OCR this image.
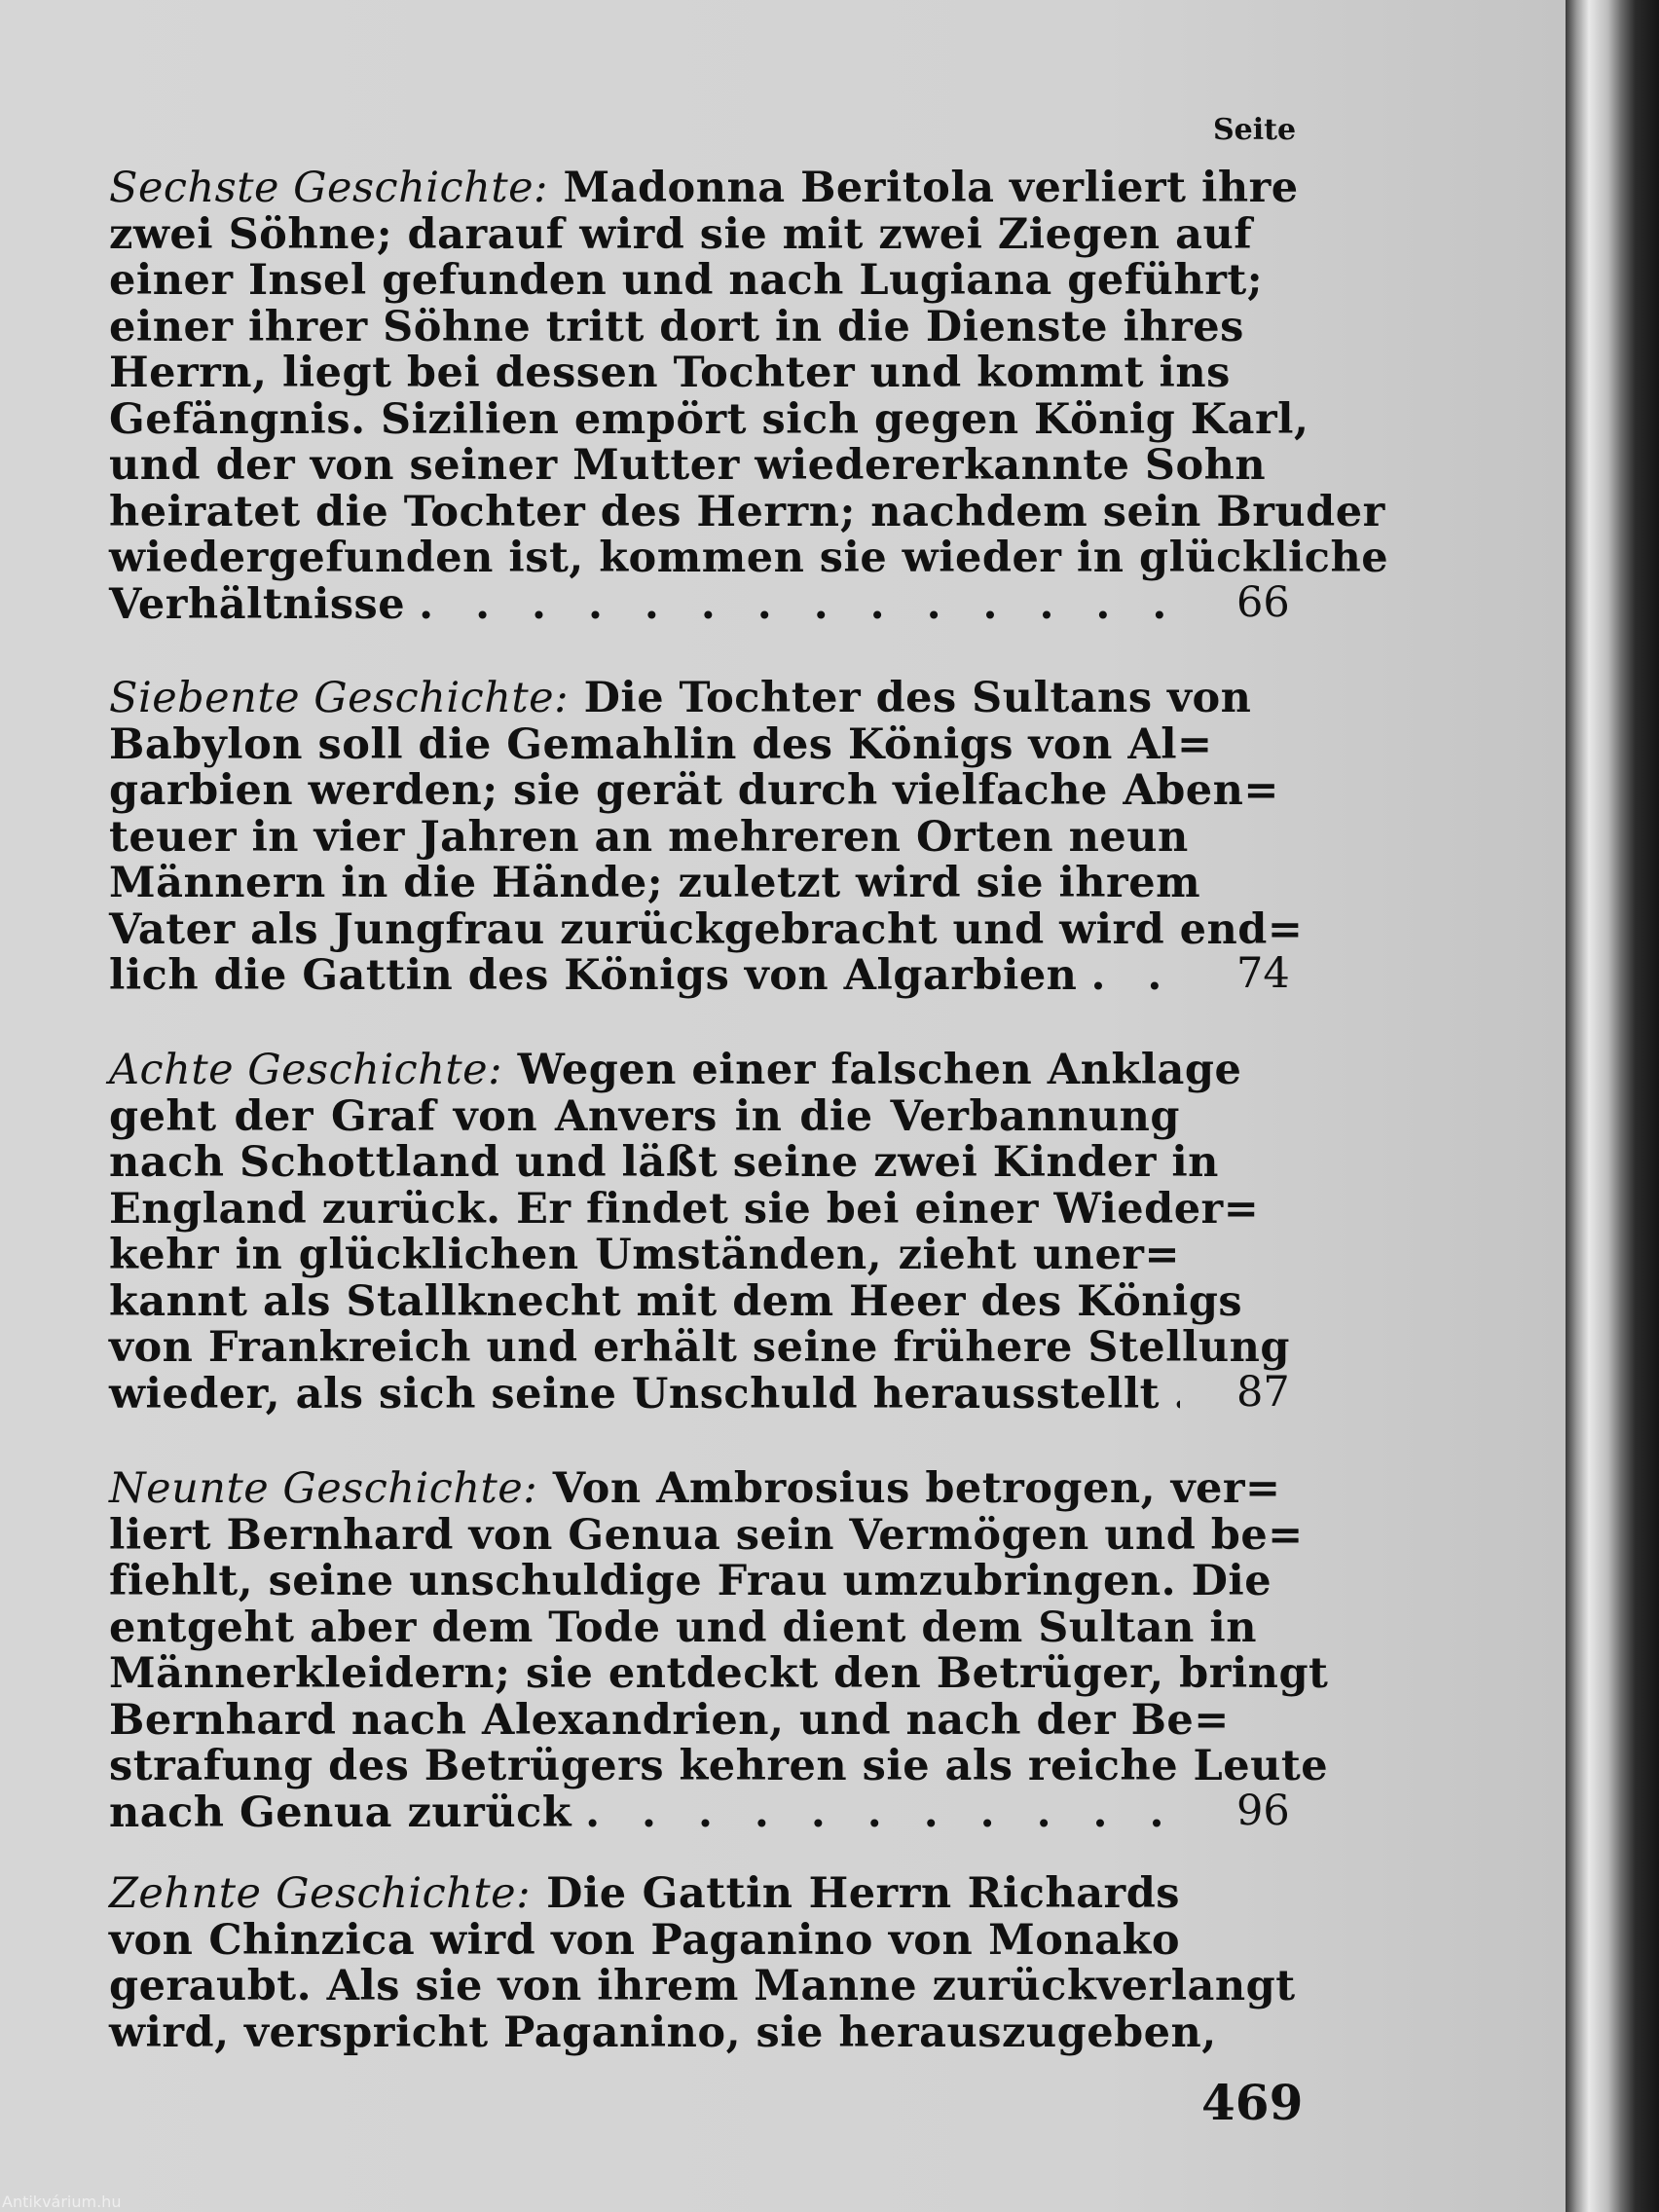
Seite
Sechste Geschichte: Madonna Beritola verliert ihre
zwei Söhne; darauf wird sie mit zwei Ziegen auf
einer Insel gefunden und nach Lugiana geführt;
einer ihrer Söhne tritt dort in die Dienste ihres
Herrn, liegt bei dessen Tochter und kommt ins
Gefängnis. Sizilien empört sich gegen König Karl,
und der von seiner Mutter wiedererkannte Sohn
heiratet die Tochter des Herrn; nachdem sein Bruder
wiedergefunden ist, kommen sie wieder in glückliche
Verhältnisse . . .	66
Siebente Geschichte: Die Tochter des Sultans von
Babylon soll die Gemahlin des Königs von Al=
garbien werden; sie gerät durch vielfache Aben=
teuer in vier Jahren an mehreren Orten neun
Männern in die Hände; zuletzt wird sie ihrem
Vater als Jungfrau zurückgebracht und wird end=
lich die Gattin des Königs von Algarbien . . .	74
Achte Geschichte: Wegen einer falschen Anklage
geht der Graf von Anvers in die Verbannung
nach Schottland und läßt seine zwei Kinder in
England zurück. Er findet sie bei einer Wieder=
kehr in glücklichen Umständen, zieht uner=
kannt als Stallknecht mit dem Heer des Königs
von Frankreich und erhält seine frühere Stellung
wieder, als sich seine Unschuld herausstellt . . . 87
Neunte Geschichte: Von Ambrosius betrogen, ver=
liert Bernhard von Genua sein Vermögen und be=
fiehlt, seine unschuldige Frau umzubringen. Die
entgeht aber dem Tode und dient dem Sultan in
Männerkleidern; sie entdeckt den Betrüger, bringt
Bernhard nach Alexandrien, und nach der Be=
strafung des Betrügers kehren sie als reiche Leute
nach Genua zurück . . .	96
Zehnte Geschichte: Die Gattin Herrn Richards
von Chinzica wird von Paganino von Monako
geraubt. Als sie von ihrem Manne zurückverlangt
wird, verspricht Paganino, sie herauszugeben,
469
Antikvárium.hu
